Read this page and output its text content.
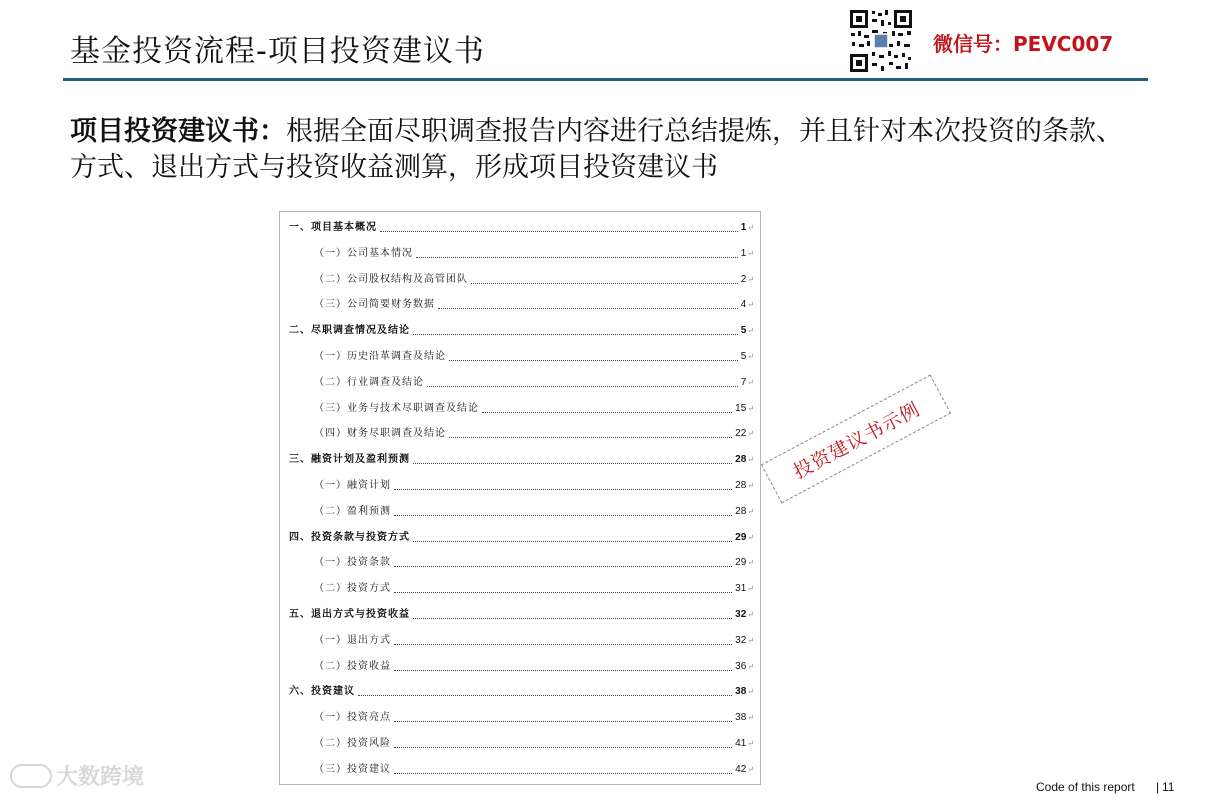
基金投资流程-项目投资建议书	微信号：PEVC007
项目投资建议书：根据全面尽职调查报告内容进行总结提炼，并且针对本次投资的条款、方式、退出方式与投资收益测算，形成项目投资建议书
一、项目基本概况	1 ↵
（一）公司基本情况	1 ↵
（二）公司股权结构及高管团队	2 ↵
（三）公司简要财务数据	4 ↵
二、尽职调查情况及结论	5 ↵
（一）历史沿革调查及结论	5 ↵
（二）行业调查及结论	7 ↵
（三）业务与技术尽职调查及结论	15 ↵
（四）财务尽职调查及结论	22 ↵
三、融资计划及盈利预测	28 ↵
（一）融资计划	28 ↵
（二）盈利预测	28 ↵
四、投资条款与投资方式	29 ↵
（一）投资条款	29 ↵
（二）投资方式	31 ↵
五、退出方式与投资收益	32 ↵
（一）退出方式	32 ↵
（二）投资收益	36 ↵
六、投资建议	38 ↵
（一）投资亮点	38 ↵
（二）投资风险	41 ↵
（三）投资建议	42 ↵
投资建议书示例
大数跨境	Code of this report | 11
